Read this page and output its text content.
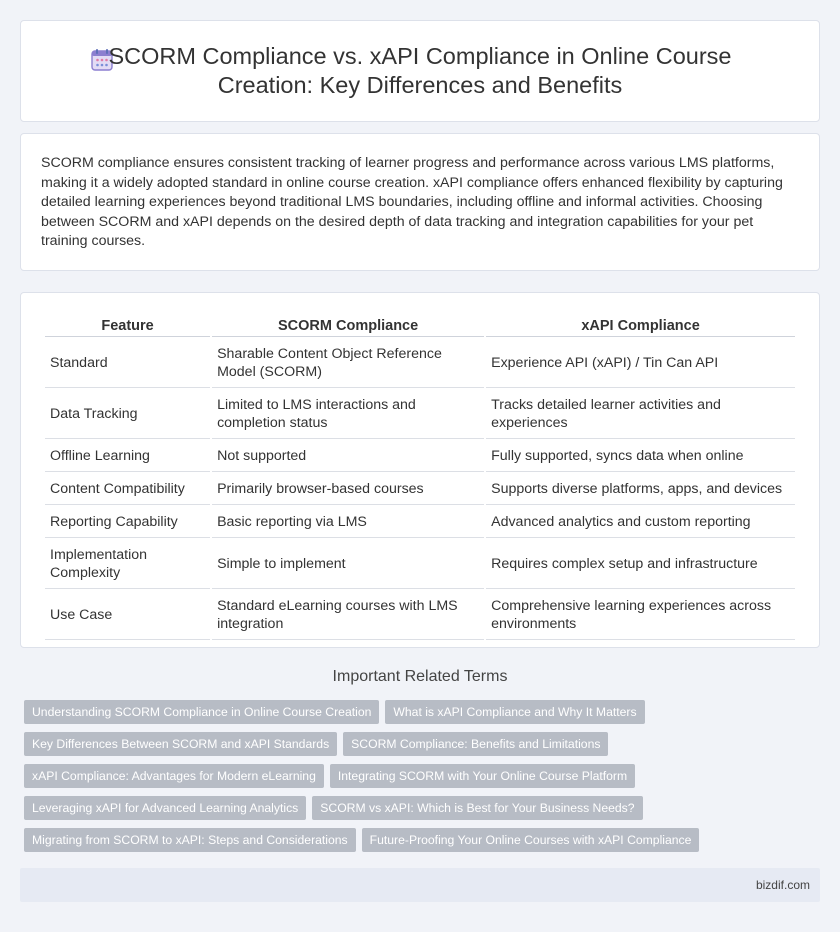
SCORM Compliance vs. xAPI Compliance in Online Course Creation: Key Differences and Benefits

SCORM compliance ensures consistent tracking of learner progress and performance across various LMS platforms, making it a widely adopted standard in online course creation. xAPI compliance offers enhanced flexibility by capturing detailed learning experiences beyond traditional LMS boundaries, including offline and informal activities. Choosing between SCORM and xAPI depends on the desired depth of data tracking and integration capabilities for your pet training courses.

Feature	SCORM Compliance	xAPI Compliance
Standard	Sharable Content Object Reference Model (SCORM)	Experience API (xAPI) / Tin Can API
Data Tracking	Limited to LMS interactions and completion status	Tracks detailed learner activities and experiences
Offline Learning	Not supported	Fully supported, syncs data when online
Content Compatibility	Primarily browser-based courses	Supports diverse platforms, apps, and devices
Reporting Capability	Basic reporting via LMS	Advanced analytics and custom reporting
Implementation Complexity	Simple to implement	Requires complex setup and infrastructure
Use Case	Standard eLearning courses with LMS integration	Comprehensive learning experiences across environments
Important Related Terms
Understanding SCORM Compliance in Online Course Creation	What is xAPI Compliance and Why It Matters
Key Differences Between SCORM and xAPI Standards	SCORM Compliance: Benefits and Limitations
xAPI Compliance: Advantages for Modern eLearning	Integrating SCORM with Your Online Course Platform
Leveraging xAPI for Advanced Learning Analytics	SCORM vs xAPI: Which is Best for Your Business Needs?
Migrating from SCORM to xAPI: Steps and Considerations	Future-Proofing Your Online Courses with xAPI Compliance
bizdif.com
